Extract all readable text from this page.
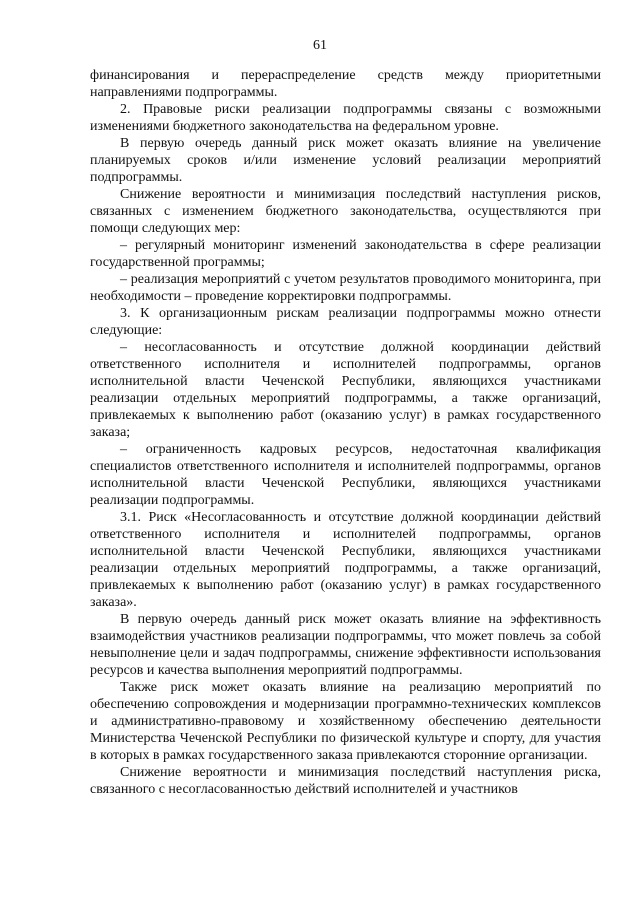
61

финансирования и перераспределение средств между приоритетными направлениями подпрограммы.

2. Правовые риски реализации подпрограммы связаны с возможными изменениями бюджетного законодательства на федеральном уровне.

В первую очередь данный риск может оказать влияние на увеличение планируемых сроков и/или изменение условий реализации мероприятий подпрограммы.

Снижение вероятности и минимизация последствий наступления рисков, связанных с изменением бюджетного законодательства, осуществляются при помощи следующих мер:

– регулярный мониторинг изменений законодательства в сфере реализации государственной программы;

– реализация мероприятий с учетом результатов проводимого мониторинга, при необходимости – проведение корректировки подпрограммы.

3. К организационным рискам реализации подпрограммы можно отнести следующие:

– несогласованность и отсутствие должной координации действий ответственного исполнителя и исполнителей подпрограммы, органов исполнительной власти Чеченской Республики, являющихся участниками реализации отдельных мероприятий подпрограммы, а также организаций, привлекаемых к выполнению работ (оказанию услуг) в рамках государственного заказа;

– ограниченность кадровых ресурсов, недостаточная квалификация специалистов ответственного исполнителя и исполнителей подпрограммы, органов исполнительной власти Чеченской Республики, являющихся участниками реализации подпрограммы.

3.1. Риск «Несогласованность и отсутствие должной координации действий ответственного исполнителя и исполнителей подпрограммы, органов исполнительной власти Чеченской Республики, являющихся участниками реализации отдельных мероприятий подпрограммы, а также организаций, привлекаемых к выполнению работ (оказанию услуг) в рамках государственного заказа».

В первую очередь данный риск может оказать влияние на эффективность взаимодействия участников реализации подпрограммы, что может повлечь за собой невыполнение цели и задач подпрограммы, снижение эффективности использования ресурсов и качества выполнения мероприятий подпрограммы.

Также риск может оказать влияние на реализацию мероприятий по обеспечению сопровождения и модернизации программно-технических комплексов и административно-правовому и хозяйственному обеспечению деятельности Министерства Чеченской Республики по физической культуре и спорту, для участия в которых в рамках государственного заказа привлекаются сторонние организации.

Снижение вероятности и минимизация последствий наступления риска, связанного с несогласованностью действий исполнителей и участников
